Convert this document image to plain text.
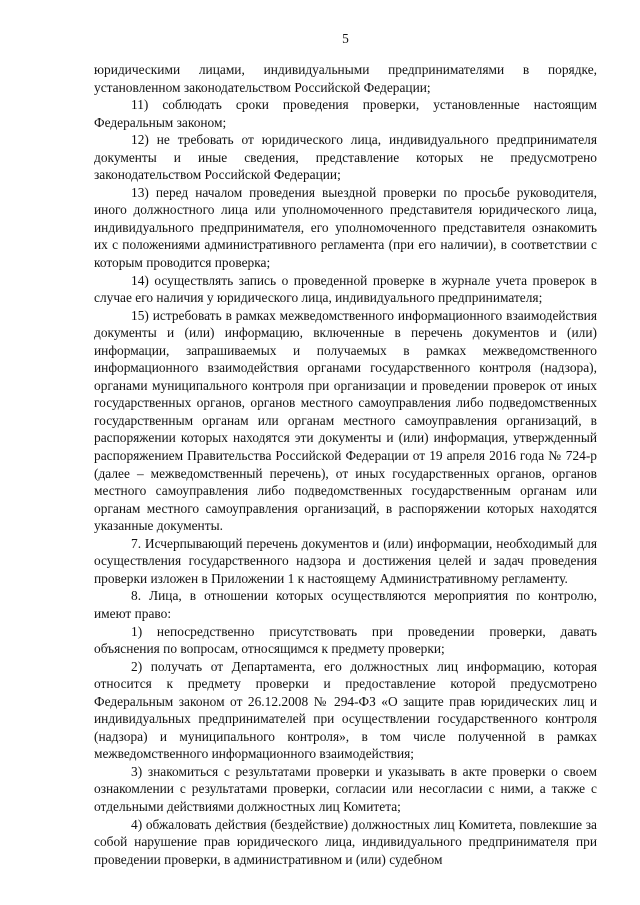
5

юридическими лицами, индивидуальными предпринимателями в порядке, установленном законодательством Российской Федерации;

11) соблюдать сроки проведения проверки, установленные настоящим Федеральным законом;

12) не требовать от юридического лица, индивидуального предпринимателя документы и иные сведения, представление которых не предусмотрено законодательством Российской Федерации;

13) перед началом проведения выездной проверки по просьбе руководителя, иного должностного лица или уполномоченного представителя юридического лица, индивидуального предпринимателя, его уполномоченного представителя ознакомить их с положениями административного регламента (при его наличии), в соответствии с которым проводится проверка;

14) осуществлять запись о проведенной проверке в журнале учета проверок в случае его наличия у юридического лица, индивидуального предпринимателя;

15) истребовать в рамках межведомственного информационного взаимодействия документы и (или) информацию, включенные в перечень документов и (или) информации, запрашиваемых и получаемых в рамках межведомственного информационного взаимодействия органами государственного контроля (надзора), органами муниципального контроля при организации и проведении проверок от иных государственных органов, органов местного самоуправления либо подведомственных государственным органам или органам местного самоуправления организаций, в распоряжении которых находятся эти документы и (или) информация, утвержденный распоряжением Правительства Российской Федерации от 19 апреля 2016 года № 724-р (далее – межведомственный перечень), от иных государственных органов, органов местного самоуправления либо подведомственных государственным органам или органам местного самоуправления организаций, в распоряжении которых находятся указанные документы.

7. Исчерпывающий перечень документов и (или) информации, необходимый для осуществления государственного надзора и достижения целей и задач проведения проверки изложен в Приложении 1 к настоящему Административному регламенту.

8. Лица, в отношении которых осуществляются мероприятия по контролю, имеют право:

1) непосредственно присутствовать при проведении проверки, давать объяснения по вопросам, относящимся к предмету проверки;

2) получать от Департамента, его должностных лиц информацию, которая относится к предмету проверки и предоставление которой предусмотрено Федеральным законом от 26.12.2008 № 294-ФЗ «О защите прав юридических лиц и индивидуальных предпринимателей при осуществлении государственного контроля (надзора) и муниципального контроля», в том числе полученной в рамках межведомственного информационного взаимодействия;

3) знакомиться с результатами проверки и указывать в акте проверки о своем ознакомлении с результатами проверки, согласии или несогласии с ними, а также с отдельными действиями должностных лиц Комитета;

4) обжаловать действия (бездействие) должностных лиц Комитета, повлекшие за собой нарушение прав юридического лица, индивидуального предпринимателя при проведении проверки, в административном и (или) судебном
